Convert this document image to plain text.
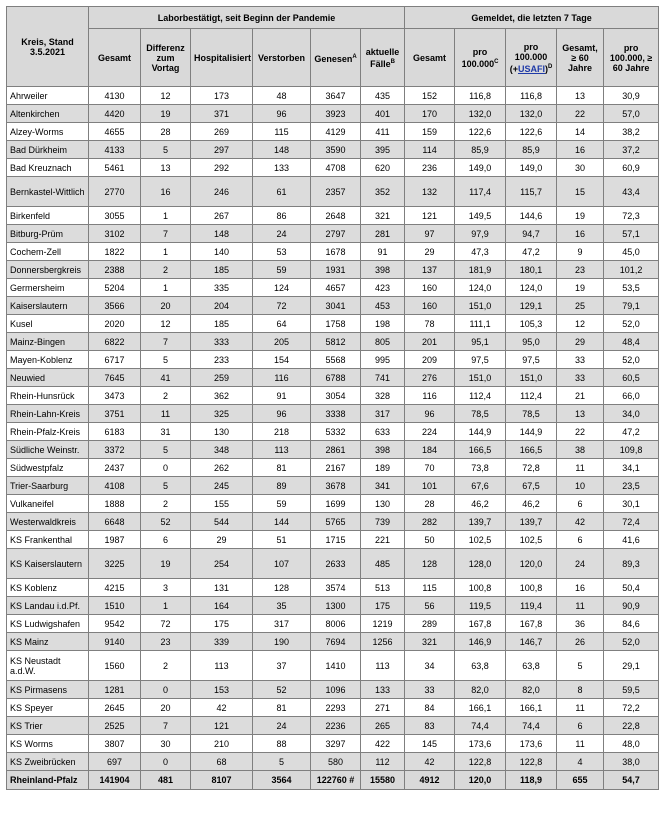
Kreis, Stand 3.5.2021	Laborbestätigt, seit Beginn der Pandemie						Gemeldet, die letzten 7 Tage				
	Gesamt	Differenz zum Vortag	Hospitalisiert	Verstorben	Genesen$^A$	aktuelle Fälle$^B$	Gesamt	pro $100.000^C$	pro 100.000 (+USAFI)$^D$	Gesamt, ≥ 60 Jahre	pro 100.000, ≥ 60 Jahre
Ahrweiler	4130	12	173	48	3647	435	152	116,8	116,8	13	30,9
Altenkirchen	4420	19	371	96	3923	401	170	132,0	132,0	22	57,0
Alzey-Worms	4655	28	269	115	4129	411	159	122,6	122,6	14	38,2
Bad Dürkheim	4133	5	297	148	3590	395	114	85,9	85,9	16	37,2
Bad Kreuznach	5461	13	292	133	4708	620	236	149,0	149,0	30	60,9
Bernkastel-Wittlich	2770	16	246	61	2357	352	132	117,4	115,7	15	43,4
Birkenfeld	3055	1	267	86	2648	321	121	149,5	144,6	19	72,3
Bitburg-Prüm	3102	7	148	24	2797	281	97	97,9	94,7	16	57,1
Cochem-Zell	1822	1	140	53	1678	91	29	47,3	47,2	9	45,0
Donnersbergkreis	2388	2	185	59	1931	398	137	181,9	180,1	23	101,2
Germersheim	5204	1	335	124	4657	423	160	124,0	124,0	19	53,5
Kaiserslautern	3566	20	204	72	3041	453	160	151,0	129,1	25	79,1
Kusel	2020	12	185	64	1758	198	78	111,1	105,3	12	52,0
Mainz-Bingen	6822	7	333	205	5812	805	201	95,1	95,0	29	48,4
Mayen-Koblenz	6717	5	233	154	5568	995	209	97,5	97,5	33	52,0
Neuwied	7645	41	259	116	6788	741	276	151,0	151,0	33	60,5
Rhein-Hunsrück	3473	2	362	91	3054	328	116	112,4	112,4	21	66,0
Rhein-Lahn-Kreis	3751	11	325	96	3338	317	96	78,5	78,5	13	34,0
Rhein-Pfalz-Kreis	6183	31	130	218	5332	633	224	144,9	144,9	22	47,2
Südliche Weinstr.	3372	5	348	113	2861	398	184	166,5	166,5	38	109,8
Südwestpfalz	2437	0	262	81	2167	189	70	73,8	72,8	11	34,1
Trier-Saarburg	4108	5	245	89	3678	341	101	67,6	67,5	10	23,5
Vulkaneifel	1888	2	155	59	1699	130	28	46,2	46,2	6	30,1
Westerwaldkreis	6648	52	544	144	5765	739	282	139,7	139,7	42	72,4
KS Frankenthal	1987	6	29	51	1715	221	50	102,5	102,5	6	41,6
KS Kaiserslautern	3225	19	254	107	2633	485	128	128,0	120,0	24	89,3
KS Koblenz	4215	3	131	128	3574	513	115	100,8	100,8	16	50,4
KS Landau i.d.Pf.	1510	1	164	35	1300	175	56	119,5	119,4	11	90,9
KS Ludwigshafen	9542	72	175	317	8006	1219	289	167,8	167,8	36	84,6
KS Mainz	9140	23	339	190	7694	1256	321	146,9	146,7	26	52,0
KS Neustadt a.d.W.	1560	2	113	37	1410	113	34	63,8	63,8	5	29,1
KS Pirmasens	1281	0	153	52	1096	133	33	82,0	82,0	8	59,5
KS Speyer	2645	20	42	81	2293	271	84	166,1	166,1	11	72,2
KS Trier	2525	7	121	24	2236	265	83	74,4	74,4	6	22,8
KS Worms	3807	30	210	88	3297	422	145	173,6	173,6	11	48,0
KS Zweibrücken	697	0	68	5	580	112	42	122,8	122,8	4	38,0
Rheinland-Pfalz	141904	481	8107	3564	122760 #	15580	4912	120,0	118,9	655	54,7
